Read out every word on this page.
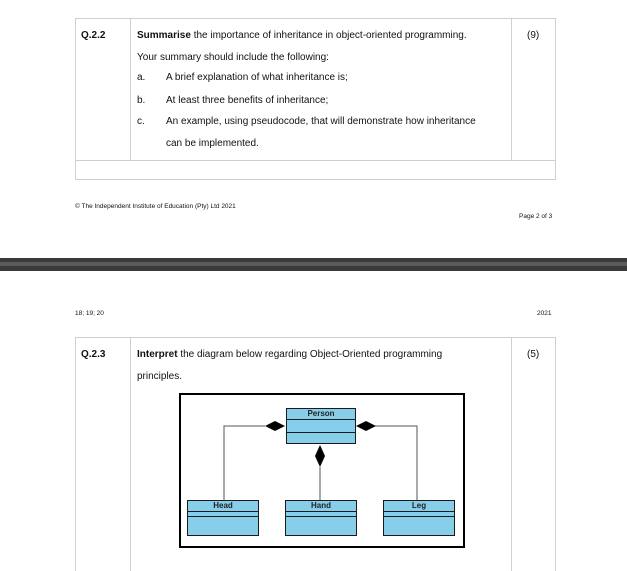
Q.2.2	Summarise the importance of inheritance in object-oriented programming.	(9)
Your summary should include the following:
a. A brief explanation of what inheritance is;
b. At least three benefits of inheritance;
c. An example, using pseudocode, that will demonstrate how inheritance
can be implemented.
© The Independent Institute of Education (Pty) Ltd 2021
Page 2 of 3
18; 19; 20	2021
Q.2.3	Interpret the diagram below regarding Object-Oriented programming	(5)
principles.
Person
Head	Hand	Leg
